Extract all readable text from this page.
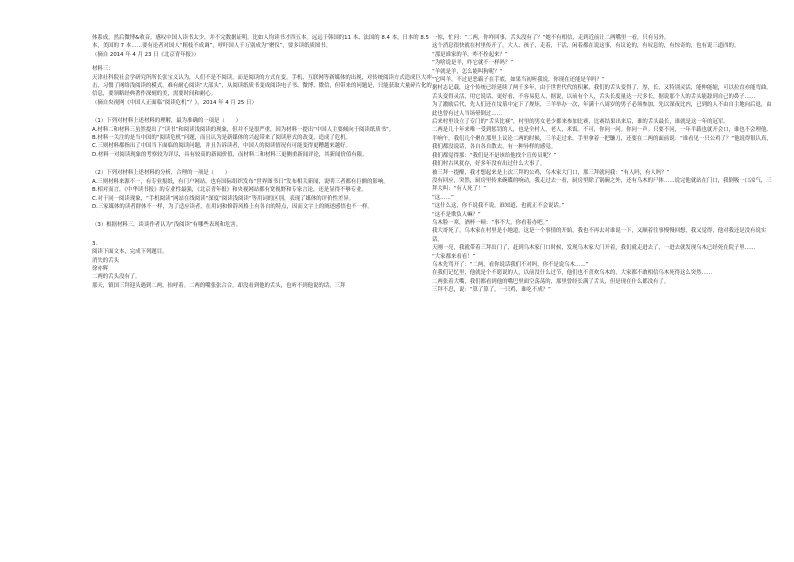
体系成。然后微博&收音。感叹中国人读书太少，并不完数据证明。比如人均读书才四五本。远远于韩国的11 本、法国的 8.4 本，日本的 8.5 本，美国的 7 本……要有论者对国人“粗枝不成调”，呼吁国人千万别成为“聚仪”，要多读纸质图书。

（摘自 2014 年 4 月 23 日《北京青年报》）

材料三：

天津社科院社会学研究所所长张宝义认为，人们不是不阅读，而是阅读的方式在变。手机、互联网等新媒体的出现，对传统阅读方式造成巨大冲击，习惯了网络浅阅读的模式，难有耐心阅读“大部头”，从阅读纸质书变成阅读电子书、微博、微信，但带来的问题是，只能获取大量碎片化的信息，要领略经典著作深刻的美，需要时间和耐心。

（摘自央视网《中国人正面临“阅读危机”？》，2014 年 4 月 25 日）

（1）下列对材料上述材料的理解，最为准确的一项是（　　）

A.材料二和材料三虽然提出了“读书”和阅读浅阅读的现象，但并不是很严重，因为材料一提出“中国人主要倾向于阅读纸质书”。

B.材料一关注的是当中国的“阅读危机”问题，而且认为是新媒体的兴起带来了阅读形式的改变，造成了危机。

C.三则材料都指出了中国当下面临的阅读问题，并且告诉读者，中国人的阅读情况有可能变得更糟越来越好。

D.材料一对阅读现象的考察较为详尽，具有较高的新闻价值，而材料二和材料三更侧重新闻评论，其新闻价值有限。

（2）下列对材料上述材料的分析，合理的一项是（　　）

A.三则材料来源不一，有专业报纸，有门户网站，也有国际组织发布“世界图书日”发布相关新闻，说明三者都有巨额的影响。

B.相对而言，《中华读书报》的专业性最强，《北京青年报》和央视网站都有宽视野和专家言论，还是显得不够专业。

C.对于同一阅读现象，“手机阅读”网站在线阅读“深度”阅读浅阅读“等用词的区别，表现了媒体的评价性差异。

D.三家媒体的读者群体不一样，为了适应读者，在用词和修辞风格上有各自的特点，因而文字上的阐述感悟也不一样。

（3）根据材料三，谈谈作者认为“浅阅读”有哪些表现和危害。

3.

阅读下面文本，完成下列题目。

消失的舌头

徐亦辉

二两的舌头没有了。

那天，镇国三拜迎头遇到二两，抬呼着。二两的嘴张张合合，却没看到他的舌头，也听不到他说的话。三拜

一惊，忙问：“二两，你咋回事，舌头没有了？”她不有相信，走到近前让二两嘴里一看，只有另外。

这个消息很快就在村里传开了。大人、孩子，走着，干活，闲着都在说这事，有议论的，有叹息的，有惊奇的，也有说三道四的。

“那是谁家的羊，咋不拴起来？”

“为啥说是羊，咋它就不一样吗？”

“羊就是羊，怎么能叫狗呢？”

“它叫羊，不过是恶霸子在手底，如果当初听我说，你现在还能是羊吗？”

据村志记载，这个传统已经延续了两千多年，由于世世代代的积累，我们的舌头变得了，厚，长，又特别灵活，能伸能缩，可以拉直亦能弯曲。舌头变得灵活，用它说话，更好看，不容易犯人，据说，以前有个人，舌头长度量达一尺多长，据说那个人的舌头能舔到自己的鼻子……

为了激励后代，先人们还在坟墓中定下了规矩，三羊举办一次，年满十八周岁的男子必须参加，先以深夜比内，已到的人不由自主地向后退，由此也曾有过人当场晕倒过……

后来村里设立了专门的“舌头比赛”，村里的男女老少都来参加比赛，比赛结果出来后，谁的舌头最长，谁就是这一年的冠军。

二两是几十年来唯一受到惩罚的人，也是全村人，老人，米饭。不可，你问一问。你问一声。只要不问，一年半载也就开会口，谁也不会理他。

半响午，我们几个聚在那里上议论二两的时候，三羊走过来，手里拿着一把镰刀，还要在二两的面前说：“谁看见一只公鸡了？”他说得很认真，我们都没说话，各自各自散去，有一种异样的感觉。

我们都觉得那：“我们是不是该给他找个宣传员呢？”

我们村古风犹存，好多年没有出过什么大事了。

被三拜一提醒，我才想起来是上次三拜的公鸡，乌木家大门口，那三拜就问我：“有人吗，有人吗？”

没有回应，突然，厨房里传来碗碟的响动，我走过去一看，厨房里除了锅碗之外，还有乌木的尸体……说完他就站在门口，我倒吸一口凉气，三拜大叫：“有人死了！”

“这……”

“这什么这，你不说我不说，谁知道，也就正不会说话。”

“这不是欺负人嘛？”

乌木脸一寒，酒杯一顿：“事不大，你看着办吧。”

我大哥死了。乌木家在村里是小地道，这是一个事情的开始，我也不再去对谁说一下，又顺着往事慢慢回想，我又觉得，他对我还是没有说实话。

天刚一亮，我就带着三拜出门了，赶到乌木家门口时候，发现乌木家大门开着，我们就走进去了，一进去就发现乌木已经死在院子里……

“大家都来看看！”

乌木先骂开了：“二两，看你说话我们不对吗，你不是说乌木……”

在我们记忆里，他就是个不愿说的人，以前没什么过节，他们也不喜欢乌木的，大家都不敢相信乌木死得这么突然……

二两张着大嘴，我们都看到他的嘴巴里面空荡荡的，那里曾经长满了舌头，但是现在什么都没有了。

三拜不忍，说：“算了算了，一只鸡，谁吃不成？”
